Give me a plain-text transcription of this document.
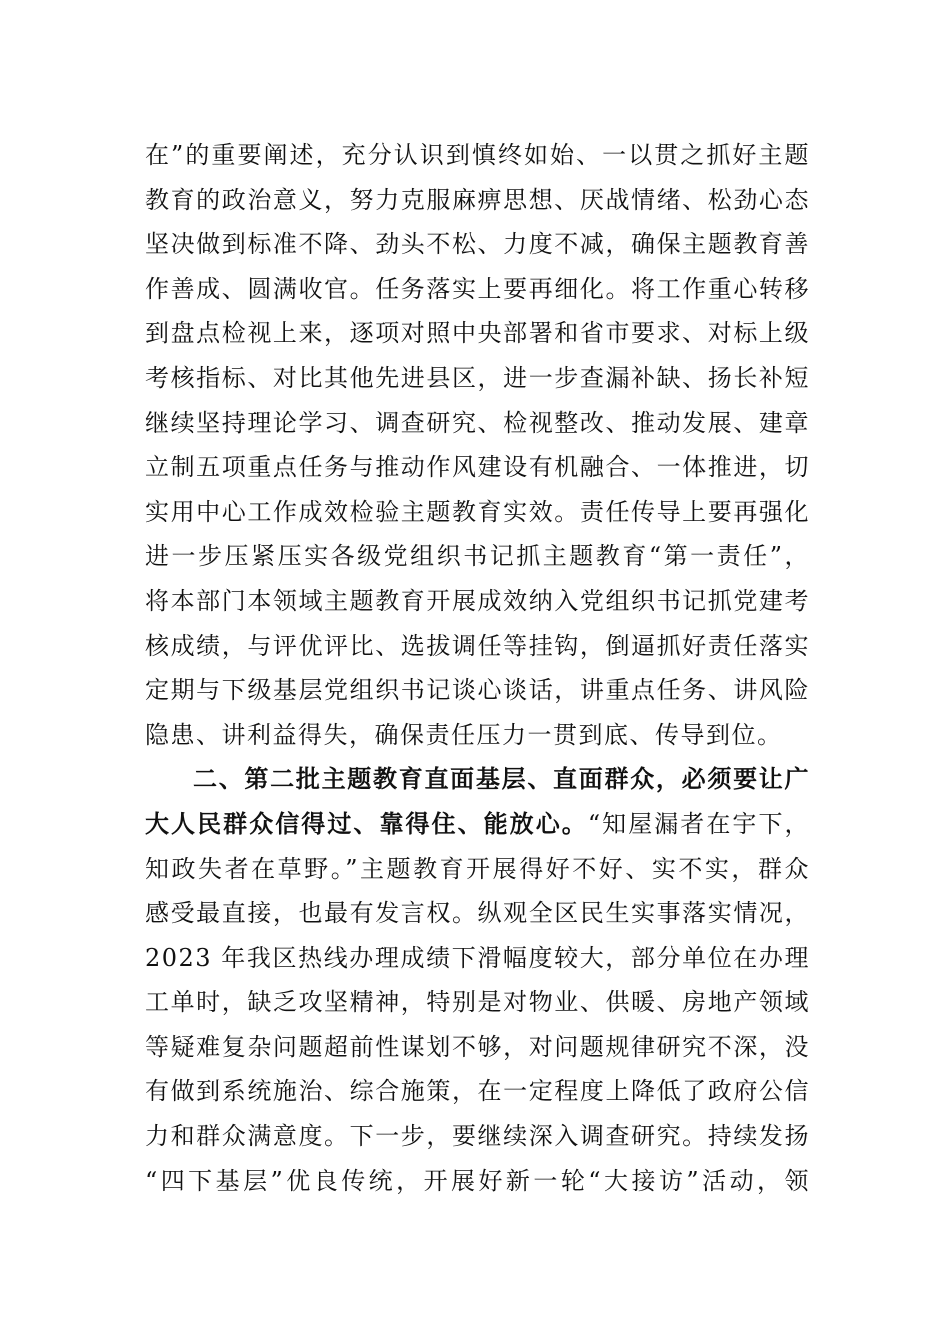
在”的重要阐述，充分认识到慎终如始、一以贯之抓好主题
教育的政治意义，努力克服麻痹思想、厌战情绪、松劲心态
坚决做到标准不降、劲头不松、力度不减，确保主题教育善
作善成、圆满收官。任务落实上要再细化。将工作重心转移
到盘点检视上来，逐项对照中央部署和省市要求、对标上级
考核指标、对比其他先进县区，进一步查漏补缺、扬长补短
继续坚持理论学习、调查研究、检视整改、推动发展、建章
立制五项重点任务与推动作风建设有机融合、一体推进，切
实用中心工作成效检验主题教育实效。责任传导上要再强化
进一步压紧压实各级党组织书记抓主题教育“第一责任”，
将本部门本领域主题教育开展成效纳入党组织书记抓党建考
核成绩，与评优评比、选拔调任等挂钩，倒逼抓好责任落实
定期与下级基层党组织书记谈心谈话，讲重点任务、讲风险
隐患、讲利益得失，确保责任压力一贯到底、传导到位。
二、第二批主题教育直面基层、直面群众，必须要让广
大人民群众信得过、靠得住、能放心。“知屋漏者在宇下，
知政失者在草野。”主题教育开展得好不好、实不实，群众
感受最直接，也最有发言权。纵观全区民生实事落实情况，
2023 年我区热线办理成绩下滑幅度较大，部分单位在办理
工单时，缺乏攻坚精神，特别是对物业、供暖、房地产领域
等疑难复杂问题超前性谋划不够，对问题规律研究不深，没
有做到系统施治、综合施策，在一定程度上降低了政府公信
力和群众满意度。下一步，要继续深入调查研究。持续发扬
“四下基层”优良传统，开展好新一轮“大接访”活动，领
